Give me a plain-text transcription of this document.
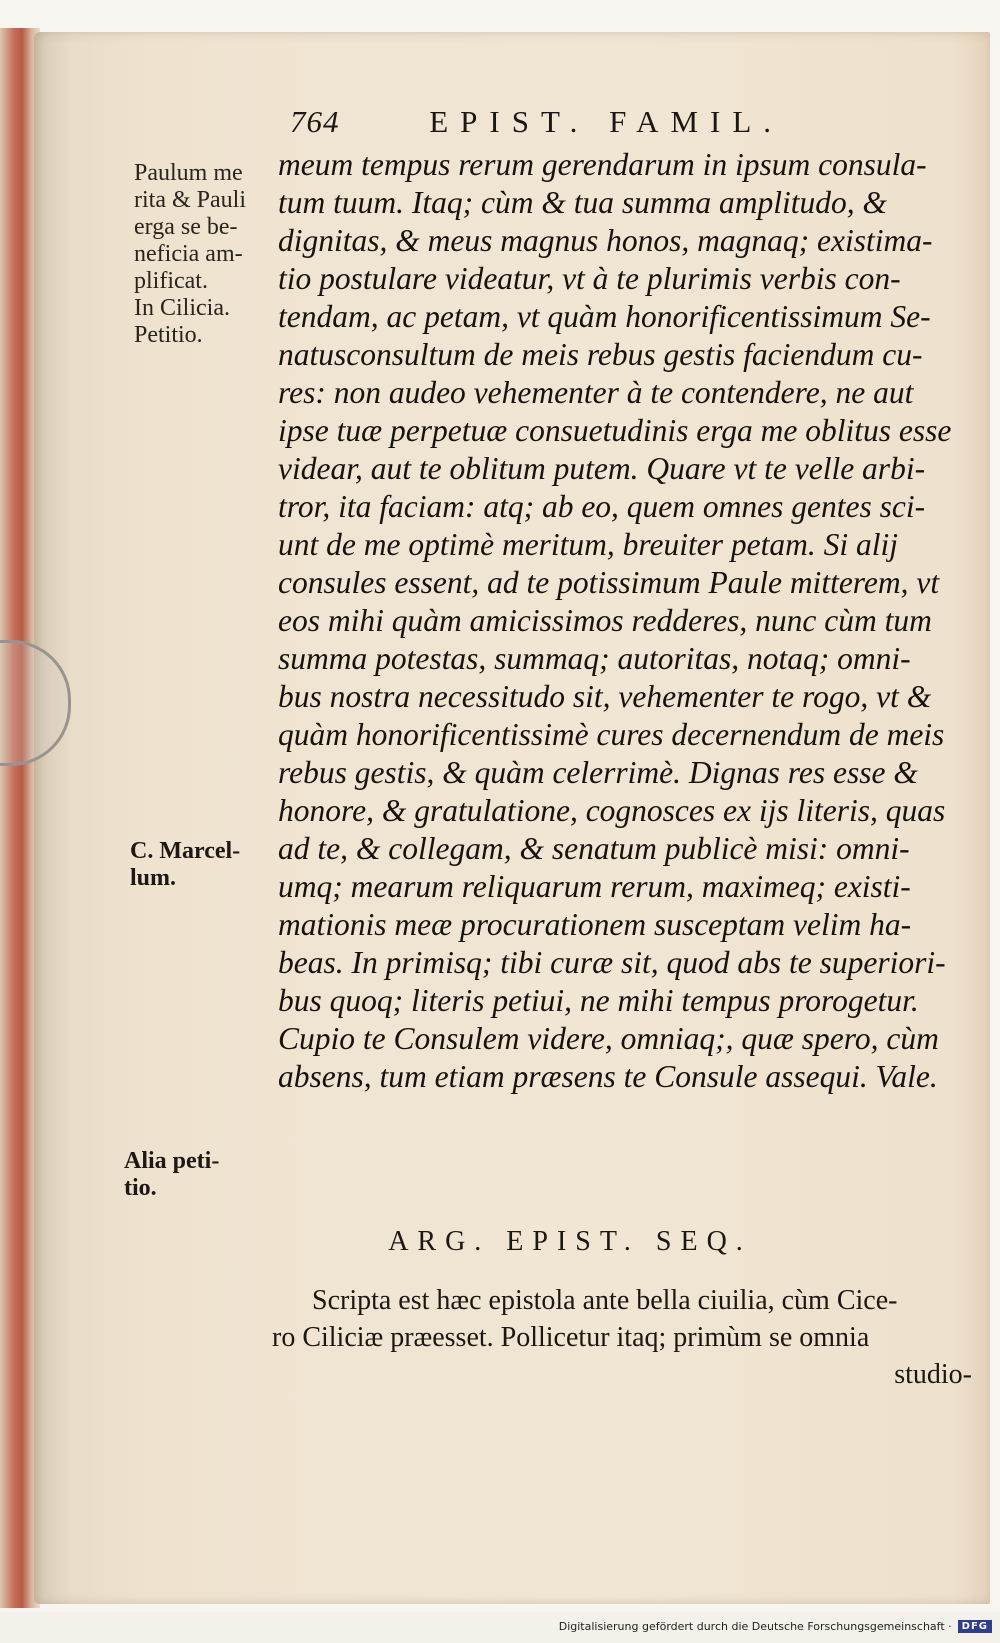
764	EPIST. FAMIL.
meum tempus rerum gerendarum in ipsum consula-
tum tuum. Itaq; cùm & tua summa amplitudo, &
dignitas, & meus magnus honos, magnaq; existima-
tio postulare videatur, vt à te plurimis verbis con-
tendam, ac petam, vt quàm honorificentissimum Se-
natusconsultum de meis rebus gestis faciendum cu-
res: non audeo vehementer à te contendere, ne aut
ipse tuæ perpetuæ consuetudinis erga me oblitus esse
videar, aut te oblitum putem. Quare vt te velle arbi-
tror, ita faciam: atq; ab eo, quem omnes gentes sci-
unt de me optimè meritum, breuiter petam. Si alij
consules essent, ad te potissimum Paule mitterem, vt
eos mihi quàm amicissimos redderes, nunc cùm tum
summa potestas, summaq; autoritas, notaq; omni-
bus nostra necessitudo sit, vehementer te rogo, vt &
quàm honorificentissimè cures decernendum de meis
rebus gestis, & quàm celerrimè. Dignas res esse &
honore, & gratulatione, cognosces ex ijs literis, quas
ad te, & collegam, & senatum publicè misi: omni-
umq; mearum reliquarum rerum, maximeq; existi-
mationis meæ procurationem susceptam velim ha-
beas. In primisq; tibi curæ sit, quod abs te superiori-
bus quoq; literis petiui, ne mihi tempus prorogetur.
Cupio te Consulem videre, omniaq;, quæ spero, cùm
absens, tum etiam præsens te Consule assequi. Vale.
Paulum me
rita & Pauli
erga se be-
neficia am-
plificat.
In Cilicia.
Petitio.
C. Marcel-
lum.
Alia peti-
tio.
ARG. EPIST. SEQ.
Scripta est hæc epistola ante bella ciuilia, cùm Cice-
ro Ciliciæ præesset. Pollicetur itaq; primùm se omnia
studio-
Digitalisierung gefördert durch die Deutsche Forschungsgemeinschaft ·	DFG
